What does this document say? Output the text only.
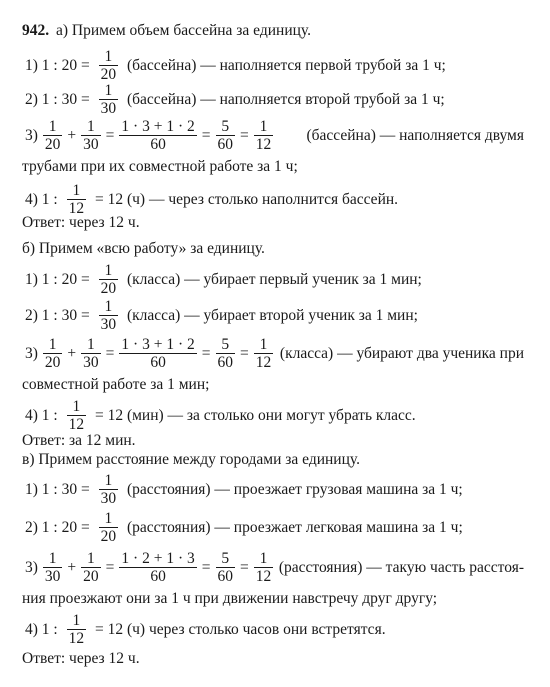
942. а) Примем объем бассейна за единицу.
1) 1 : $20 = \frac{1}{20}$ (бассейна) — наполняется первой трубой за 1 ч;
2) 1 : $30 = \frac{1}{30}$ (бассейна) — наполняется второй трубой за 1 ч;
$3) \frac{1}{20} + \frac{1}{30} = \frac{1 \cdot 3 + 1 \cdot 2}{60} = \frac{5}{60} = \frac{1}{12}$ (бассейна) — наполняется двумя
трубами при их совместной работе за 1 ч;
4) 1 : $\frac{1}{12} = 12$ (ч) — через столько наполнится бассейн.
Ответ: через 12 ч.
б) Примем «всю работу» за единицу.
1) 1 : $20 = \frac{1}{20}$ (класса) — убирает первый ученик за 1 мин;
2) 1 : $30 = \frac{1}{30}$ (класса) — убирает второй ученик за 1 мин;
$3) \frac{1}{20} + \frac{1}{30} = \frac{1 \cdot 3 + 1 \cdot 2}{60} = \frac{5}{60} = \frac{1}{12}$ (класса) — убирают два ученика при
совместной работе за 1 мин;
4) 1 : $\frac{1}{12} = 12$ (мин) — за столько они могут убрать класс.
Ответ: за 12 мин.
в) Примем расстояние между городами за единицу.
1) 1 : $30 = \frac{1}{30}$ (расстояния) — проезжает грузовая машина за 1 ч;
2) 1 : $20 = \frac{1}{20}$ (расстояния) — проезжает легковая машина за 1 ч;
$3) \frac{1}{30} + \frac{1}{20} = \frac{1 \cdot 2 + 1 \cdot 3}{60} = \frac{5}{60} = \frac{1}{12}$ (расстояния) — такую часть расстоя-
ния проезжают они за 1 ч при движении навстречу друг другу;
4) 1 : $\frac{1}{12} = 12$ (ч) через столько часов они встретятся.
Ответ: через 12 ч.
